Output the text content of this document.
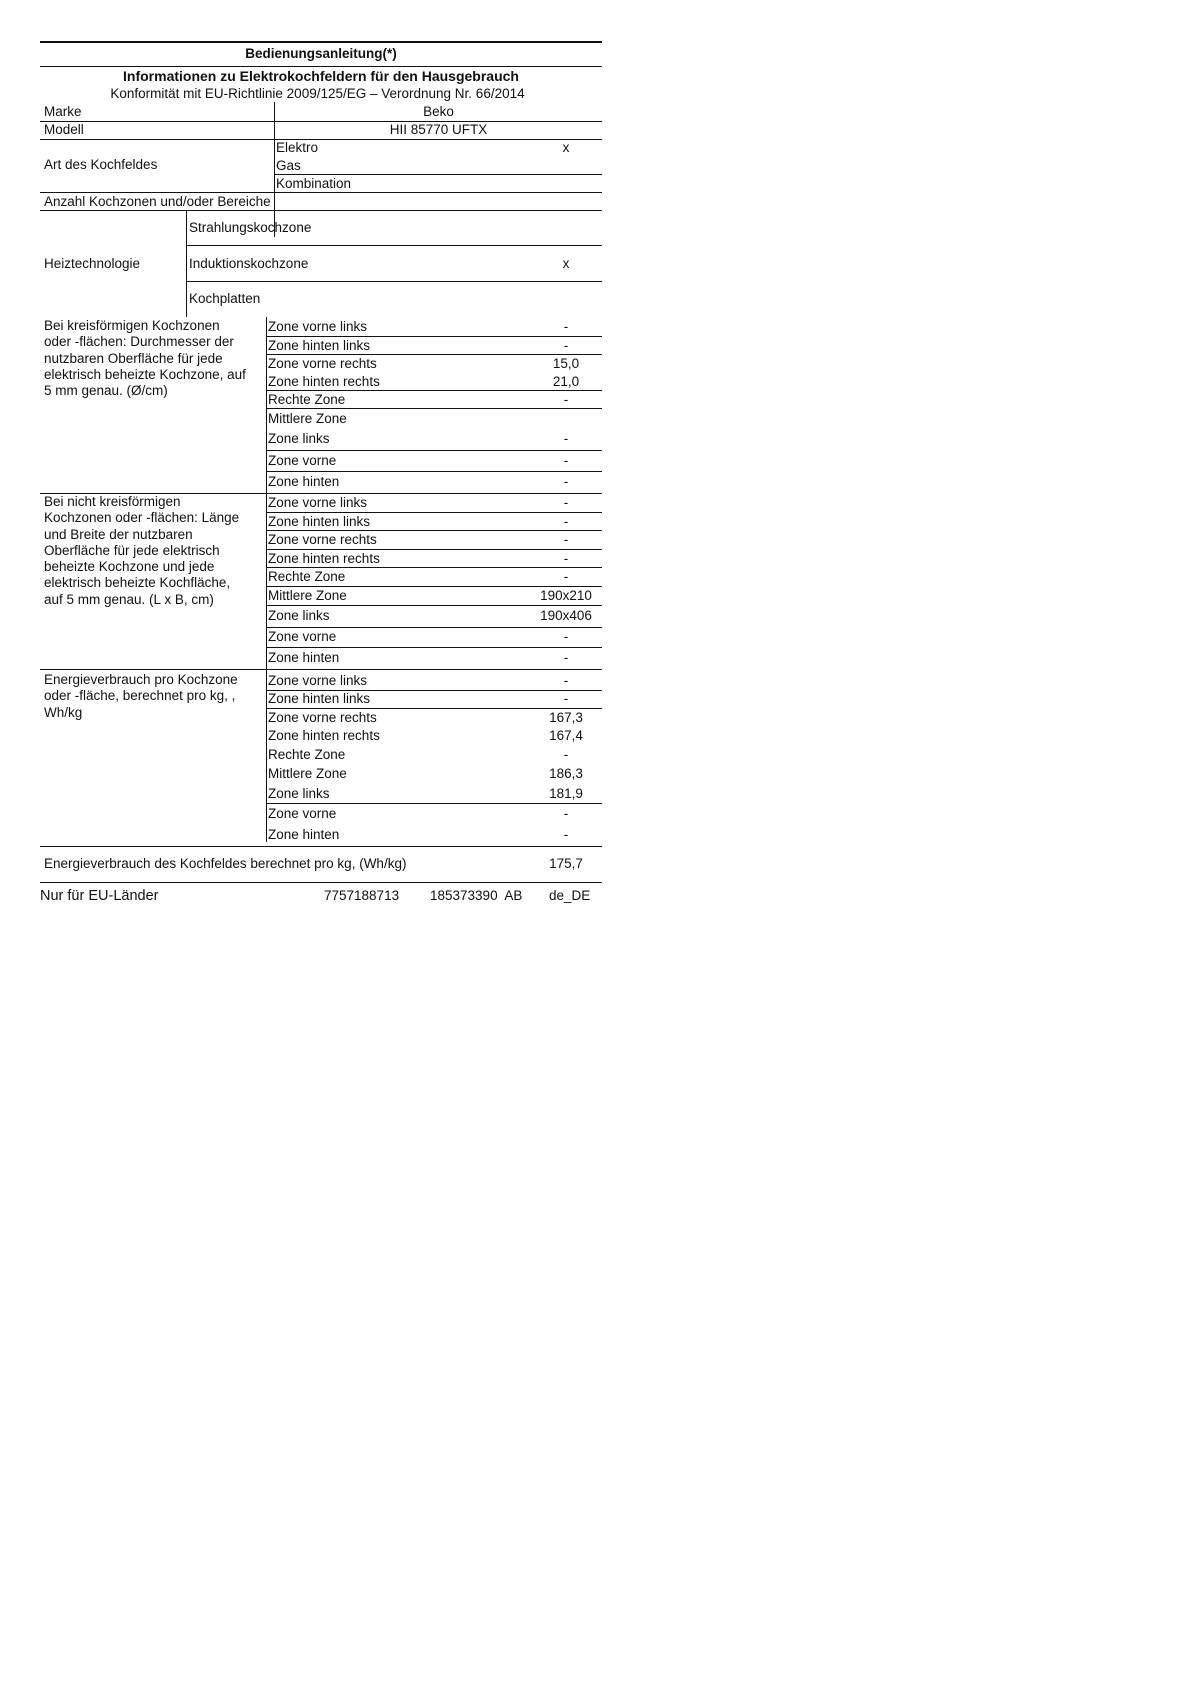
Bedienungsanleitung(*)
Informationen zu Elektrokochfeldern für den Hausgebrauch
Konformität mit EU-Richtlinie 2009/125/EG – Verordnung Nr. 66/2014
Marke	Beko
Modell	HII 85770 UFTX
Art des Kochfeldes
Elektro	x
Gas
Kombination
Anzahl Kochzonen und/oder Bereiche
Heiztechnologie
Strahlungskochzone
Induktionskochzone	x
Kochplatten
Bei kreisförmigen Kochzonen
oder -flächen: Durchmesser der
nutzbaren Oberfläche für jede
elektrisch beheizte Kochzone, auf
5 mm genau. (Ø/cm)
Zone vorne links	-
Zone hinten links	-
Zone vorne rechts	15,0
Zone hinten rechts	21,0
Rechte Zone	-
Mittlere Zone
Zone links	-
Zone vorne	-
Zone hinten	-
Bei nicht kreisförmigen
Kochzonen oder -flächen: Länge
und Breite der nutzbaren
Oberfläche für jede elektrisch
beheizte Kochzone und jede
elektrisch beheizte Kochfläche,
auf 5 mm genau. (L x B, cm)
Zone vorne links	-
Zone hinten links	-
Zone vorne rechts	-
Zone hinten rechts	-
Rechte Zone	-
Mittlere Zone	190x210
Zone links	190x406
Zone vorne	-
Zone hinten	-
Energieverbrauch pro Kochzone
oder -fläche, berechnet pro kg, ,
Wh/kg
Zone vorne links	-
Zone hinten links	-
Zone vorne rechts	167,3
Zone hinten rechts	167,4
Rechte Zone	-
Mittlere Zone	186,3
Zone links	181,9
Zone vorne	-
Zone hinten	-
Energieverbrauch des Kochfeldes berechnet pro kg, (Wh/kg)	175,7
Nur für EU-Länder	7757188713 185373390  AB de_DE
